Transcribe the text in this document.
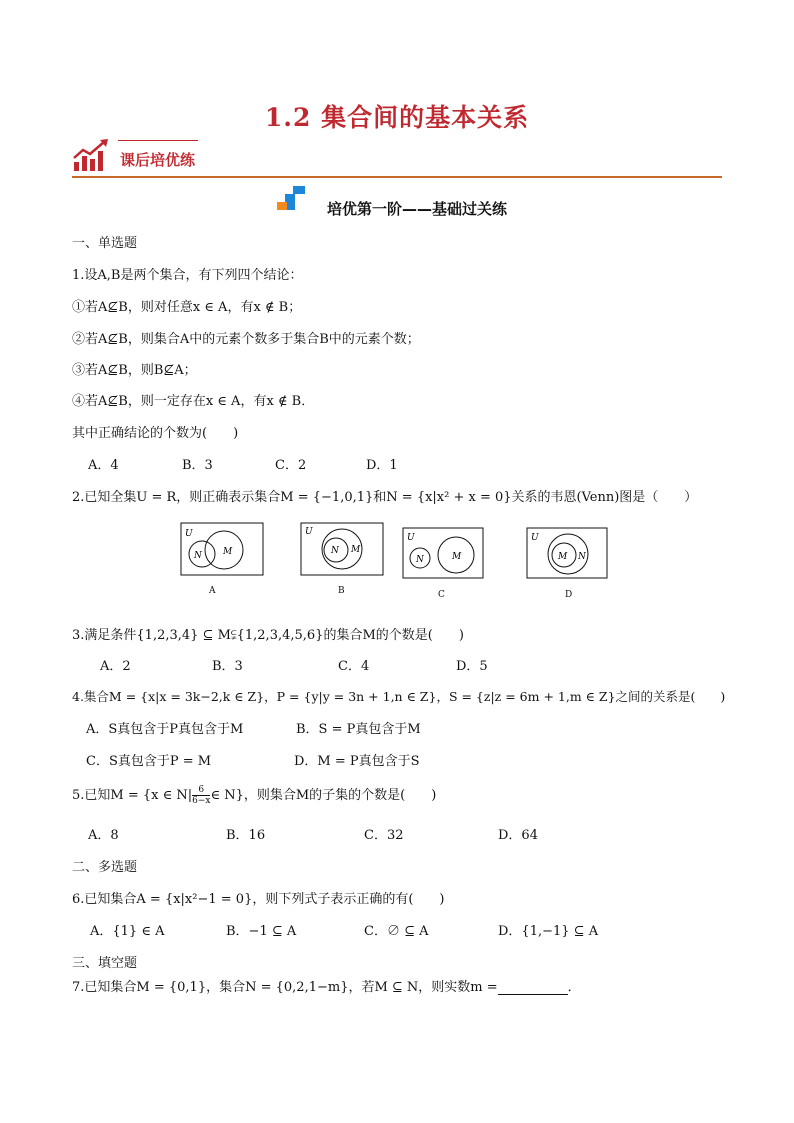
1.2 集合间的基本关系
课后培优练
培优第一阶——基础过关练
一、单选题
1.设A,B是两个集合，有下列四个结论：
①若A⊈B，则对任意x ∈ A，有x ∉ B；
②若A⊈B，则集合A中的元素个数多于集合B中的元素个数；
③若A⊈B，则B⊈A；
④若A⊈B，则一定存在x ∈ A，有x ∉ B．
其中正确结论的个数为(　　)
A．4	B．3	C．2	D．1
2.已知全集U = R，则正确表示集合M = {−1,0,1}和N = {x|x² + x = 0}关系的韦恩(Venn)图是（　　）
U
N M
A
U
N M
B
U
N	M
C
U
M N
D
3.满足条件{1,2,3,4} ⊆ M⫋{1,2,3,4,5,6}的集合M的个数是(　　)
A．2	B．3	C．4	D．5
4.集合M = {x|x = 3k−2,k ∈ Z}，P = {y|y = 3n + 1,n ∈ Z}，S = {z|z = 6m + 1,m ∈ Z}之间的关系是(　　)
A．S真包含于P真包含于M	B．S = P真包含于M
C．S真包含于P = M	D．M = P真包含于S
5.已知M = {x ∈ $N| \frac{6}{6-x}$ ∈ N}，则集合M的子集的个数是(　　)
A．8	B．16	C．32	D．64
二、多选题
6.已知集合A = {x|x²−1 = 0}，则下列式子表示正确的有(　　)
A．{1} ∈ A	B．−1 ⊆ A	C．∅ ⊆ A	D．{1,−1} ⊆ A
三、填空题
7.已知集合M = {0,1}，集合N = {0,2,1−m}，若M ⊆ N，则实数m =	．
